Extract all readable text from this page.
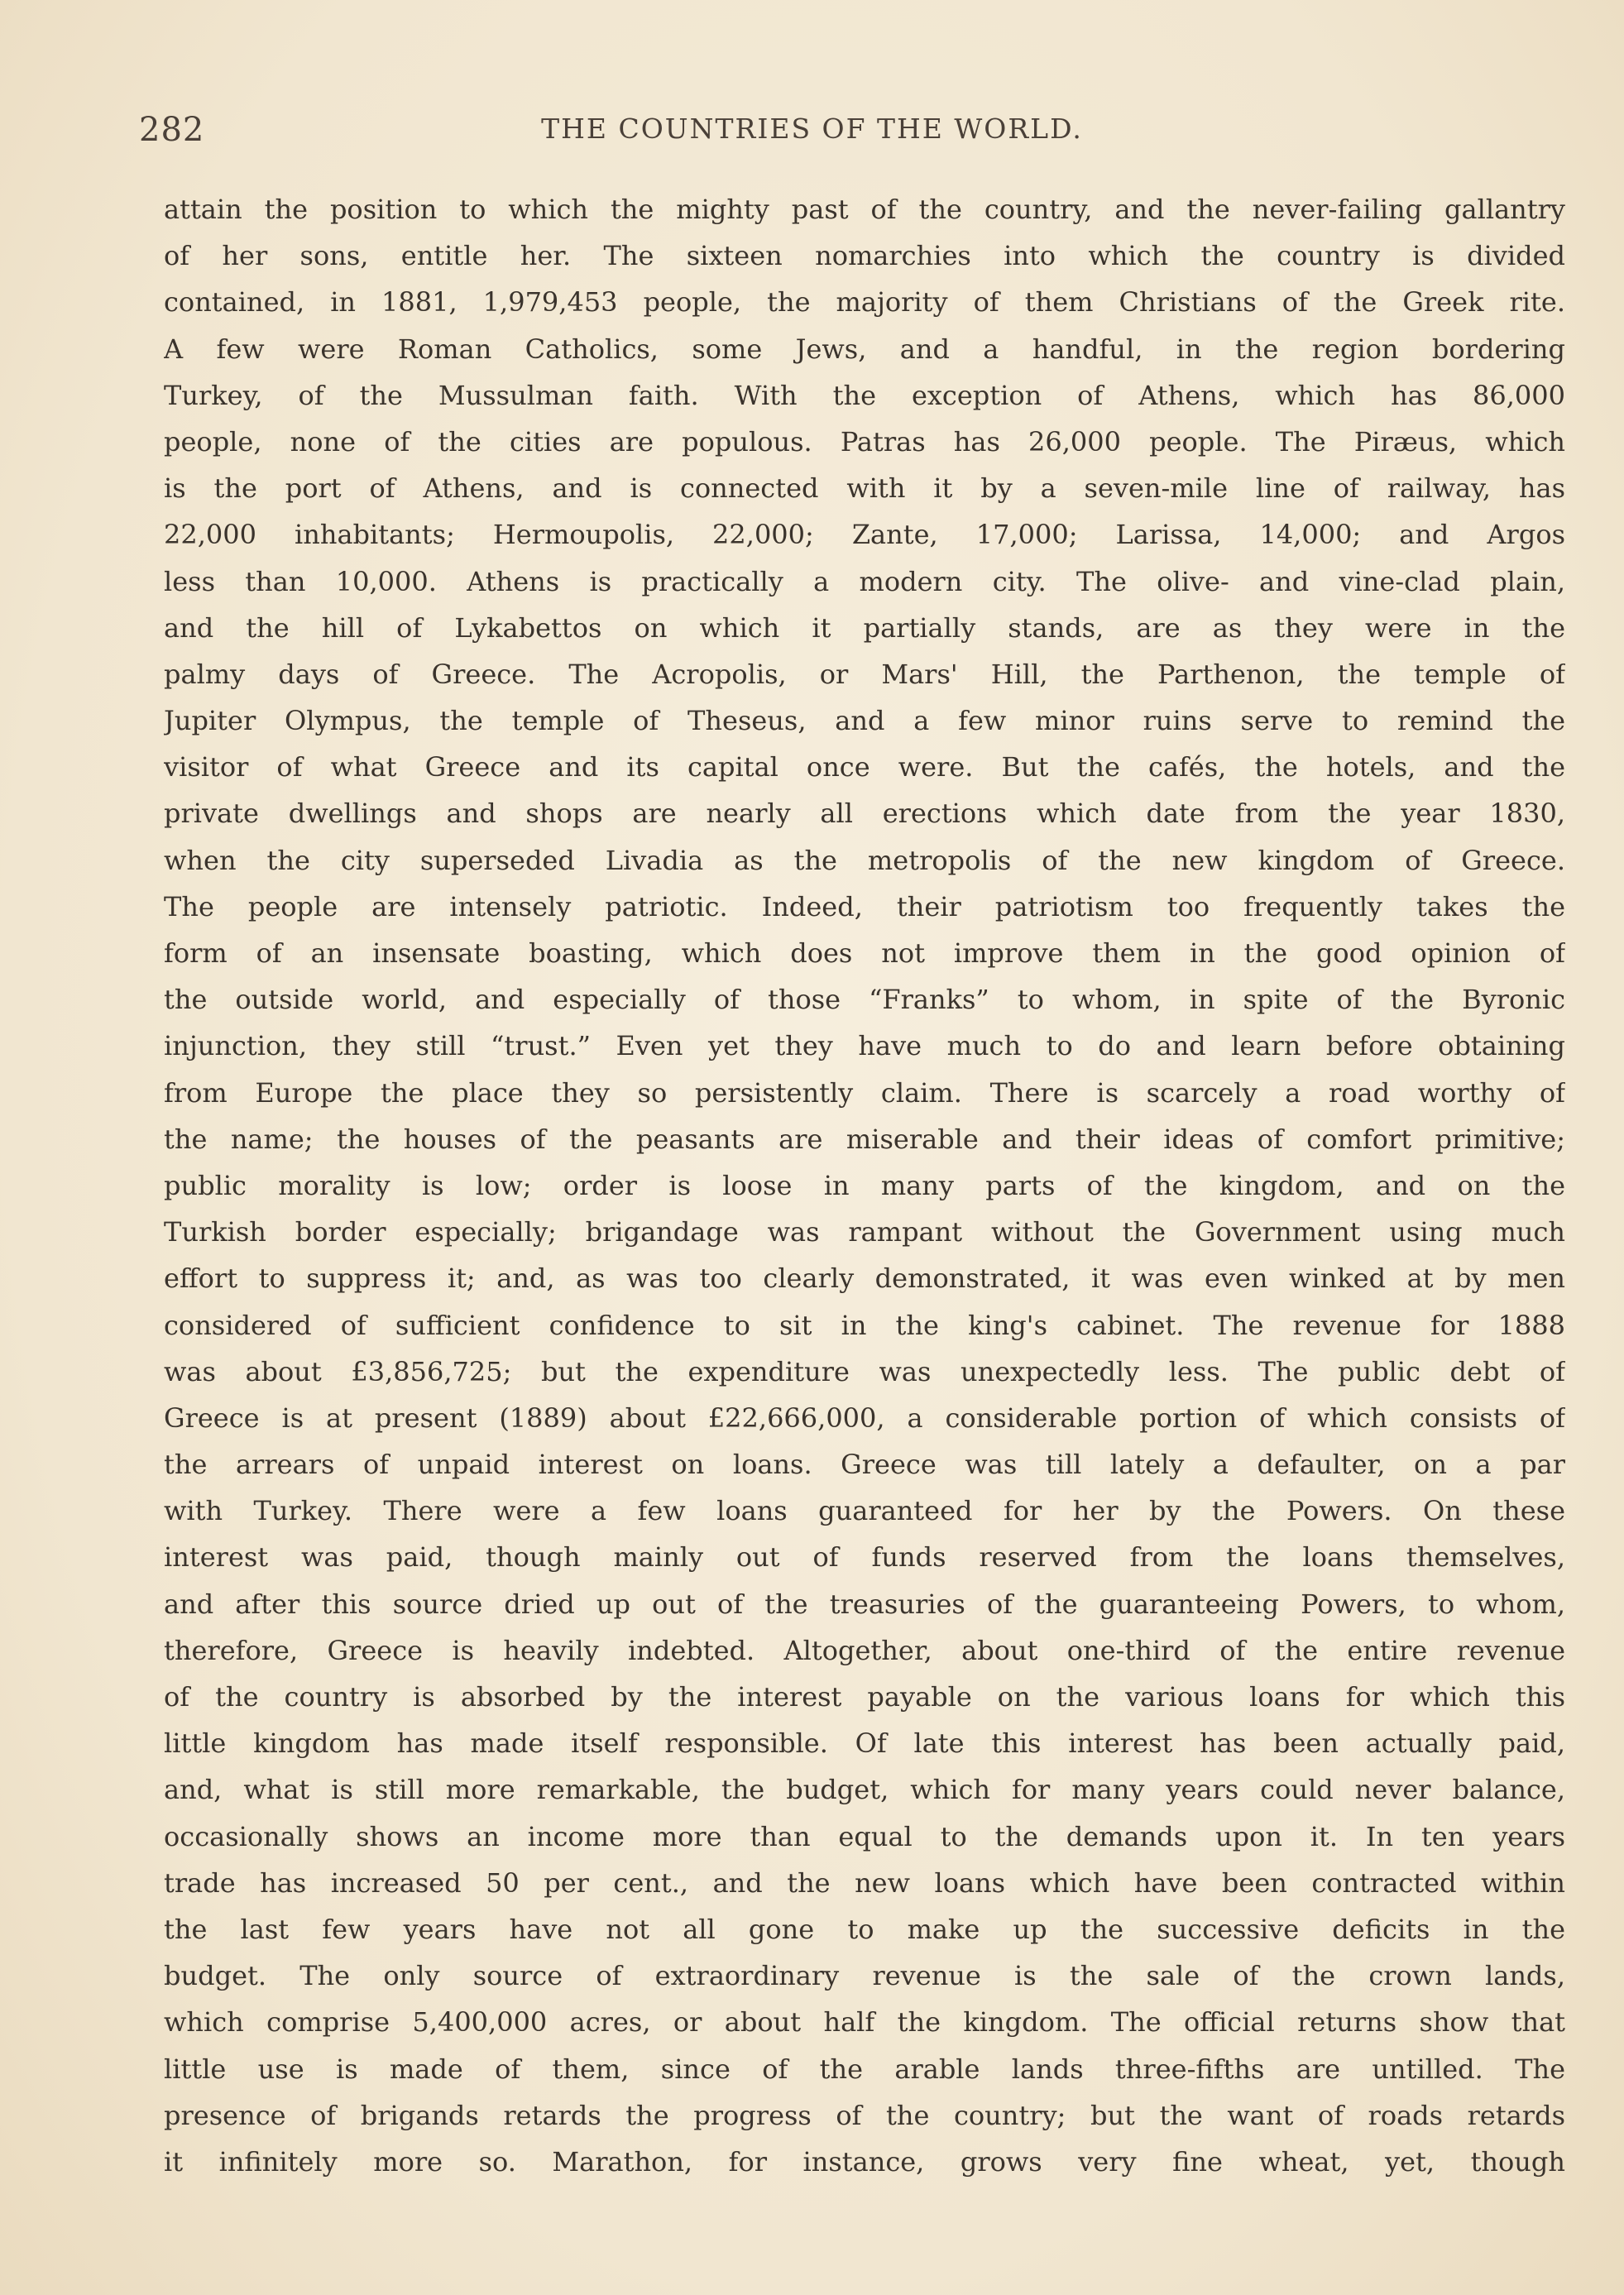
282	THE COUNTRIES OF THE WORLD.
attain the position to which the mighty past of the country, and the never-failing gallantry
of her sons, entitle her. The sixteen nomarchies into which the country is divided
contained, in 1881, 1,979,453 people, the majority of them Christians of the Greek rite.
A few were Roman Catholics, some Jews, and a handful, in the region bordering
Turkey, of the Mussulman faith. With the exception of Athens, which has 86,000
people, none of the cities are populous. Patras has 26,000 people. The Piræus, which
is the port of Athens, and is connected with it by a seven-mile line of railway, has
22,000 inhabitants; Hermoupolis, 22,000; Zante, 17,000; Larissa, 14,000; and Argos
less than 10,000. Athens is practically a modern city. The olive- and vine-clad plain,
and the hill of Lykabettos on which it partially stands, are as they were in the
palmy days of Greece. The Acropolis, or Mars' Hill, the Parthenon, the temple of
Jupiter Olympus, the temple of Theseus, and a few minor ruins serve to remind the
visitor of what Greece and its capital once were. But the cafés, the hotels, and the
private dwellings and shops are nearly all erections which date from the year 1830,
when the city superseded Livadia as the metropolis of the new kingdom of Greece.
The people are intensely patriotic. Indeed, their patriotism too frequently takes the
form of an insensate boasting, which does not improve them in the good opinion of
the outside world, and especially of those “Franks” to whom, in spite of the Byronic
injunction, they still “trust.” Even yet they have much to do and learn before obtaining
from Europe the place they so persistently claim. There is scarcely a road worthy of
the name; the houses of the peasants are miserable and their ideas of comfort primitive;
public morality is low; order is loose in many parts of the kingdom, and on the
Turkish border especially; brigandage was rampant without the Government using much
effort to suppress it; and, as was too clearly demonstrated, it was even winked at by men
considered of sufficient confidence to sit in the king's cabinet. The revenue for 1888
was about £3,856,725; but the expenditure was unexpectedly less. The public debt of
Greece is at present (1889) about £22,666,000, a considerable portion of which consists of
the arrears of unpaid interest on loans. Greece was till lately a defaulter, on a par
with Turkey. There were a few loans guaranteed for her by the Powers. On these
interest was paid, though mainly out of funds reserved from the loans themselves,
and after this source dried up out of the treasuries of the guaranteeing Powers, to whom,
therefore, Greece is heavily indebted. Altogether, about one-third of the entire revenue
of the country is absorbed by the interest payable on the various loans for which this
little kingdom has made itself responsible. Of late this interest has been actually paid,
and, what is still more remarkable, the budget, which for many years could never balance,
occasionally shows an income more than equal to the demands upon it. In ten years
trade has increased 50 per cent., and the new loans which have been contracted within
the last few years have not all gone to make up the successive deficits in the
budget. The only source of extraordinary revenue is the sale of the crown lands,
which comprise 5,400,000 acres, or about half the kingdom. The official returns show that
little use is made of them, since of the arable lands three-fifths are untilled. The
presence of brigands retards the progress of the country; but the want of roads retards
it infinitely more so. Marathon, for instance, grows very fine wheat, yet, though
